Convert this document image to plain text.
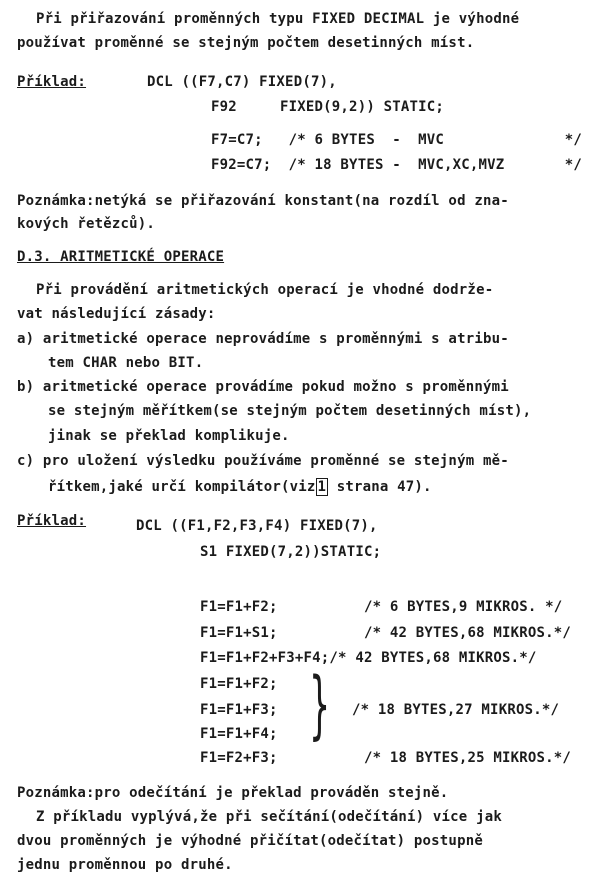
Při přiřazování proměnných typu FIXED DECIMAL je výhodné
používat proměnné se stejným počtem desetinných míst.
Příklad:	DCL ((F7,C7) FIXED(7),
F92     FIXED(9,2)) STATIC;
F7=C7;   /* 6 BYTES  -  MVC              */
F92=C7;  /* 18 BYTES -  MVC,XC,MVZ       */
Poznámka:netýká se přiřazování konstant(na rozdíl od zna-
kových řetězců).
D.3. ARITMETICKÉ OPERACE
Při provádění aritmetických operací je vhodné dodrže-
vat následující zásady:
a) aritmetické operace neprovádíme s proměnnými s atribu-
tem CHAR nebo BIT.
b) aritmetické operace provádíme pokud možno s proměnnými
se stejným měřítkem(se stejným počtem desetinných míst),
jinak se překlad komplikuje.
c) pro uložení výsledku používáme proměnné se stejným mě-
řítkem,jaké určí kompilátor(viz 1 strana 47).
Příklad:	DCL ((F1,F2,F3,F4) FIXED(7),
S1 FIXED(7,2))STATIC;
F1=F1+F2;          /* 6 BYTES,9 MIKROS. */
F1=F1+S1;          /* 42 BYTES,68 MIKROS.*/
F1=F1+F2+F3+F4;/* 42 BYTES,68 MIKROS.*/
F1=F1+F2;
F1=F1+F3;
F1=F1+F4; } /* 18 BYTES,27 MIKROS.*/
F1=F2+F3;          /* 18 BYTES,25 MIKROS.*/
Poznámka:pro odečítání je překlad prováděn stejně.
Z příkladu vyplývá,že při sečítání(odečítání) více jak
dvou proměnných je výhodné přičítat(odečítat) postupně
jednu proměnnou po druhé.
